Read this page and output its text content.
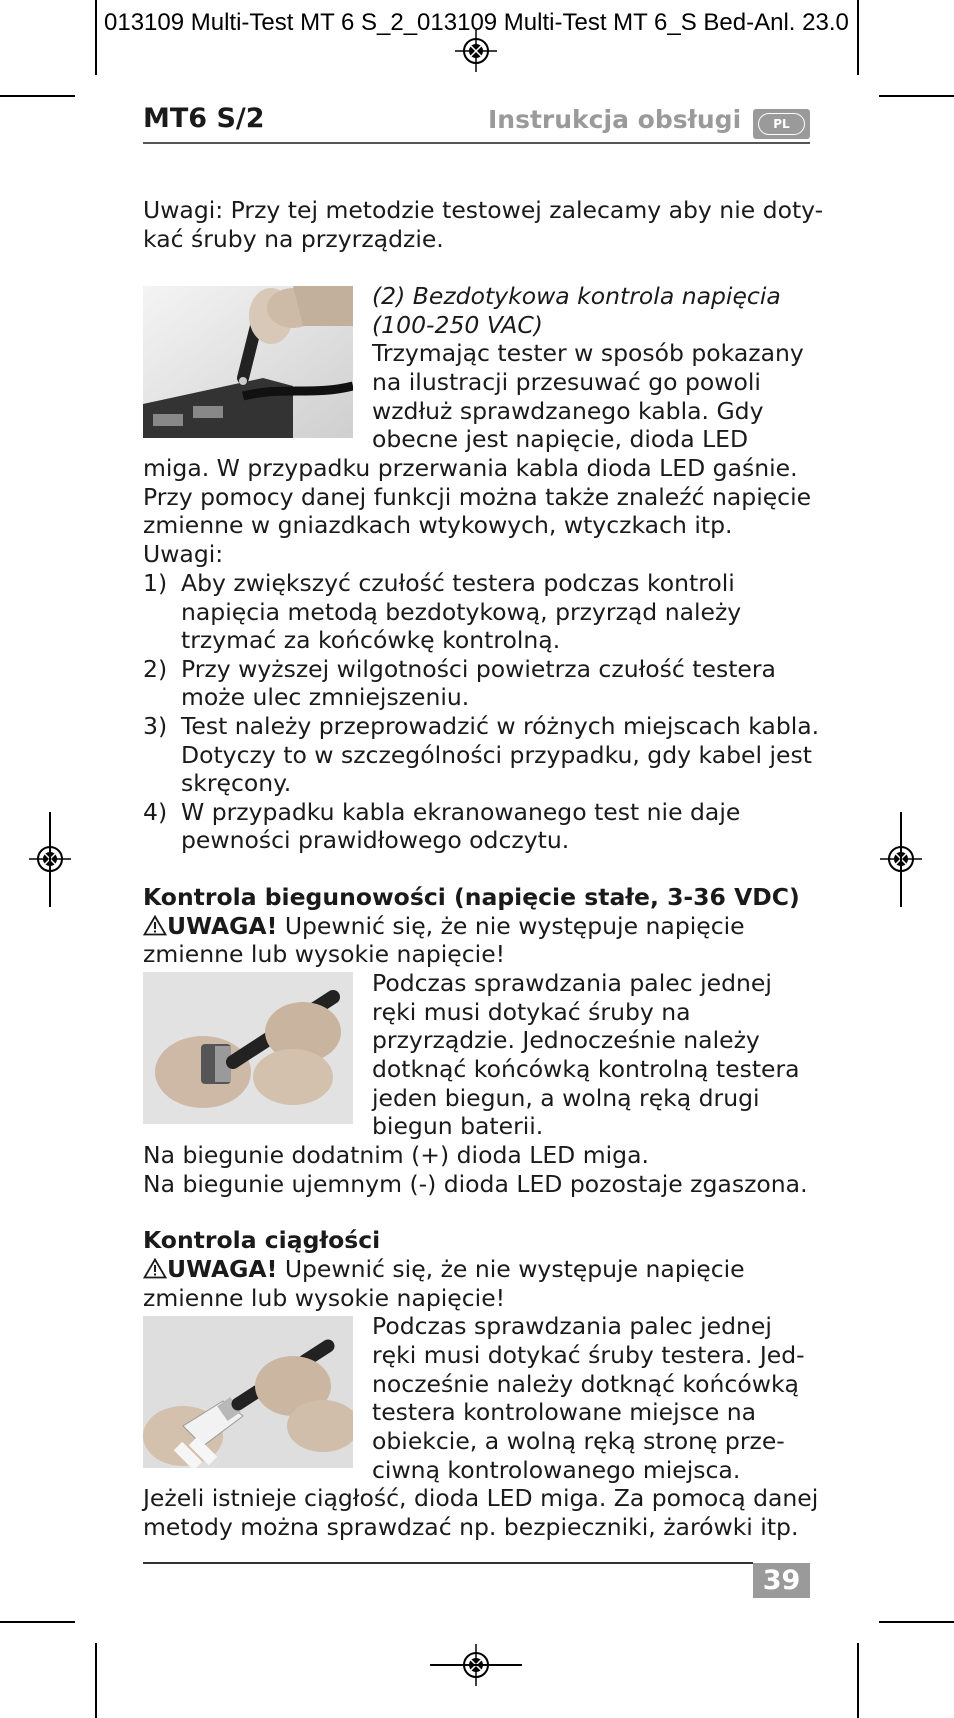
013109 Multi-Test MT 6 S_2_013109 Multi-Test MT 6_S Bed-Anl. 23.0
MT6 S/2	Instrukcja obsługi	PL
Uwagi: Przy tej metodzie testowej zalecamy aby nie doty-
kać śruby na przyrządzie.
(2) Bezdotykowa kontrola napięcia
(100-250 VAC)
Trzymając tester w sposób pokazany
na ilustracji przesuwać go powoli
wzdłuż sprawdzanego kabla. Gdy
obecne jest napięcie, dioda LED
miga. W przypadku przerwania kabla dioda LED gaśnie.
Przy pomocy danej funkcji można także znaleźć napięcie
zmienne w gniazdkach wtykowych, wtyczkach itp.
Uwagi:
1) Aby zwiększyć czułość testera podczas kontroli
napięcia metodą bezdotykową, przyrząd należy
trzymać za końcówkę kontrolną.
2) Przy wyższej wilgotności powietrza czułość testera
może ulec zmniejszeniu.
3) Test należy przeprowadzić w różnych miejscach kabla.
Dotyczy to w szczególności przypadku, gdy kabel jest
skręcony.
4) W przypadku kabla ekranowanego test nie daje
pewności prawidłowego odczytu.
Kontrola biegunowości (napięcie stałe, 3-36 VDC)
UWAGA! Upewnić się, że nie występuje napięcie
zmienne lub wysokie napięcie!
Podczas sprawdzania palec jednej
ręki musi dotykać śruby na
przyrządzie. Jednocześnie należy
dotknąć końcówką kontrolną testera
jeden biegun, a wolną ręką drugi
biegun baterii.
Na biegunie dodatnim (+) dioda LED miga.
Na biegunie ujemnym (-) dioda LED pozostaje zgaszona.
Kontrola ciągłości
UWAGA! Upewnić się, że nie występuje napięcie
zmienne lub wysokie napięcie!
Podczas sprawdzania palec jednej
ręki musi dotykać śruby testera. Jed-
nocześnie należy dotknąć końcówką
testera kontrolowane miejsce na
obiekcie, a wolną ręką stronę prze-
ciwną kontrolowanego miejsca.
Jeżeli istnieje ciągłość, dioda LED miga. Za pomocą danej
metody można sprawdzać np. bezpieczniki, żarówki itp.
39
